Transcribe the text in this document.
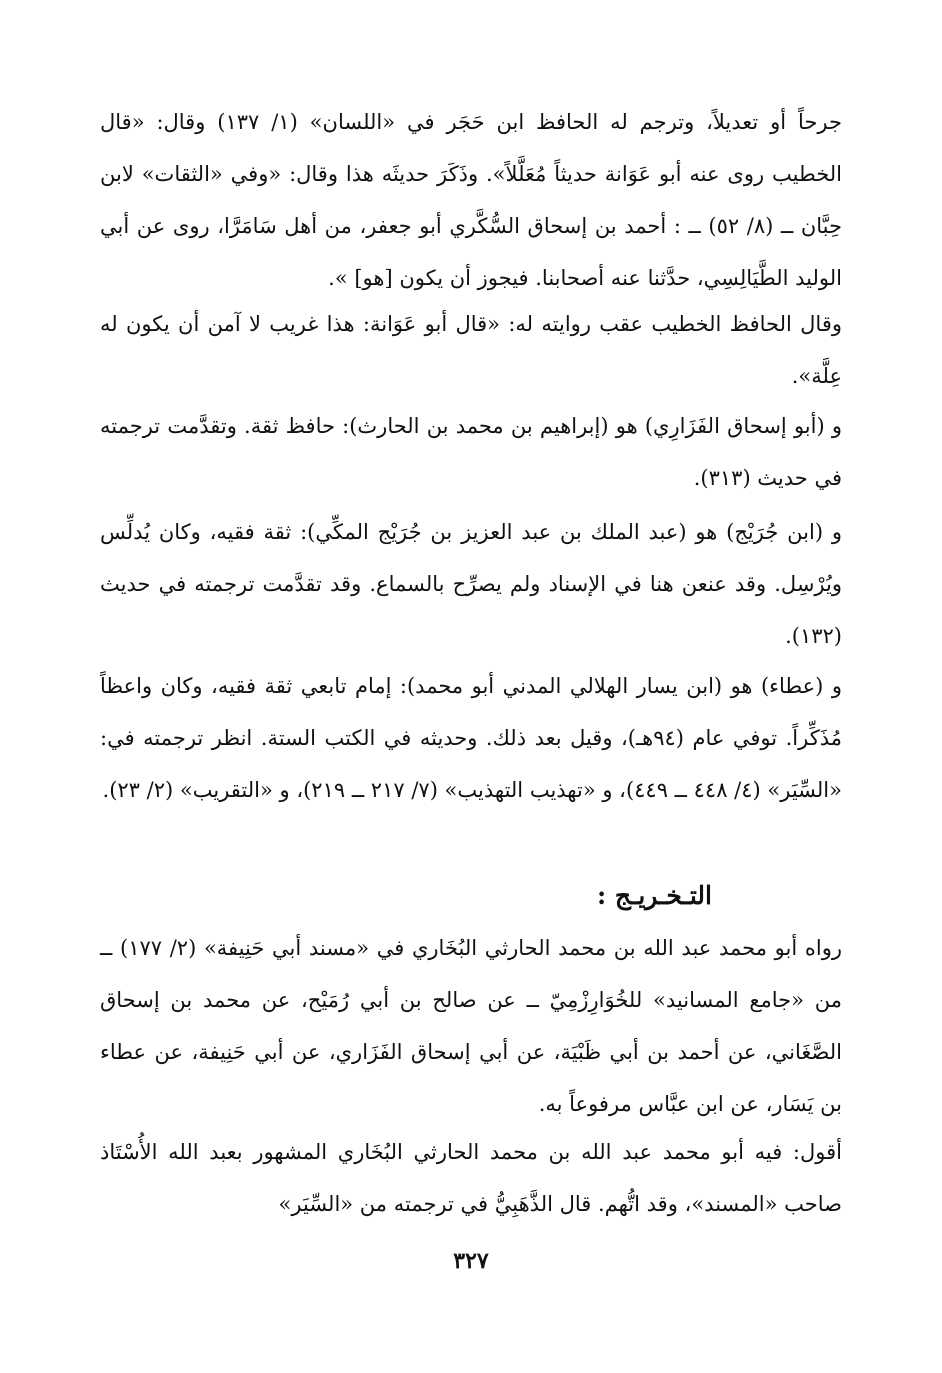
جرحاً أو تعديلاً، وترجم له الحافظ ابن حَجَر في «اللسان» (١/ ١٣٧) وقال: «قال الخطيب روى عنه أبو عَوَانة حديثاً مُعَلَّلاً». وذَكَرَ حديثَه هذا وقال: «وفي «الثقات» لابن حِبَّان ــ (٨/ ٥٢) ــ : أحمد بن إسحاق السُّكَّري أبو جعفر، من أهل سَامَرَّا، روى عن أبي الوليد الطَّيَالِسِي، حدَّثنا عنه أصحابنا. فيجوز أن يكون [هو] ».

وقال الحافظ الخطيب عقب روايته له: «قال أبو عَوَانة: هذا غريب لا آمن أن يكون له عِلَّة».

و (أبو إسحاق الفَزَارِي) هو (إبراهيم بن محمد بن الحارث): حافظ ثقة. وتقدَّمت ترجمته في حديث (٣١٣).

و (ابن جُرَيْج) هو (عبد الملك بن عبد العزيز بن جُرَيْج المكِّي): ثقة فقيه، وكان يُدلِّس ويُرْسِل. وقد عنعن هنا في الإسناد ولم يصرِّح بالسماع. وقد تقدَّمت ترجمته في حديث (١٣٢).

و (عطاء) هو (ابن يسار الهلالي المدني أبو محمد): إمام تابعي ثقة فقيه، وكان واعظاً مُذَكِّراً. توفي عام (٩٤هـ)، وقيل بعد ذلك. وحديثه في الكتب الستة. انظر ترجمته في: «السِّيَر» (٤/ ٤٤٨ ــ ٤٤٩)، و «تهذيب التهذيب» (٧/ ٢١٧ ــ ٢١٩)، و «التقريب» (٢/ ٢٣).

التـخـريـج :

رواه أبو محمد عبد الله بن محمد الحارثي البُخَاري في «مسند أبي حَنِيفة» (٢/ ١٧٧) ــ من «جامع المسانيد» للخُوَارِزْمِيّ ــ عن صالح بن أبي رُمَيْح، عن محمد بن إسحاق الصَّغَاني، عن أحمد بن أبي ظَبْيَة، عن أبي إسحاق الفَزَاري، عن أبي حَنِيفة، عن عطاء بن يَسَار، عن ابن عبَّاس مرفوعاً به.

أقول: فيه أبو محمد عبد الله بن محمد الحارثي البُخَاري المشهور بعبد الله الأُسْتَاذ صاحب «المسند»، وقد اتُّهم. قال الذَّهَبِيُّ في ترجمته من «السِّيَر»

٣٢٧
